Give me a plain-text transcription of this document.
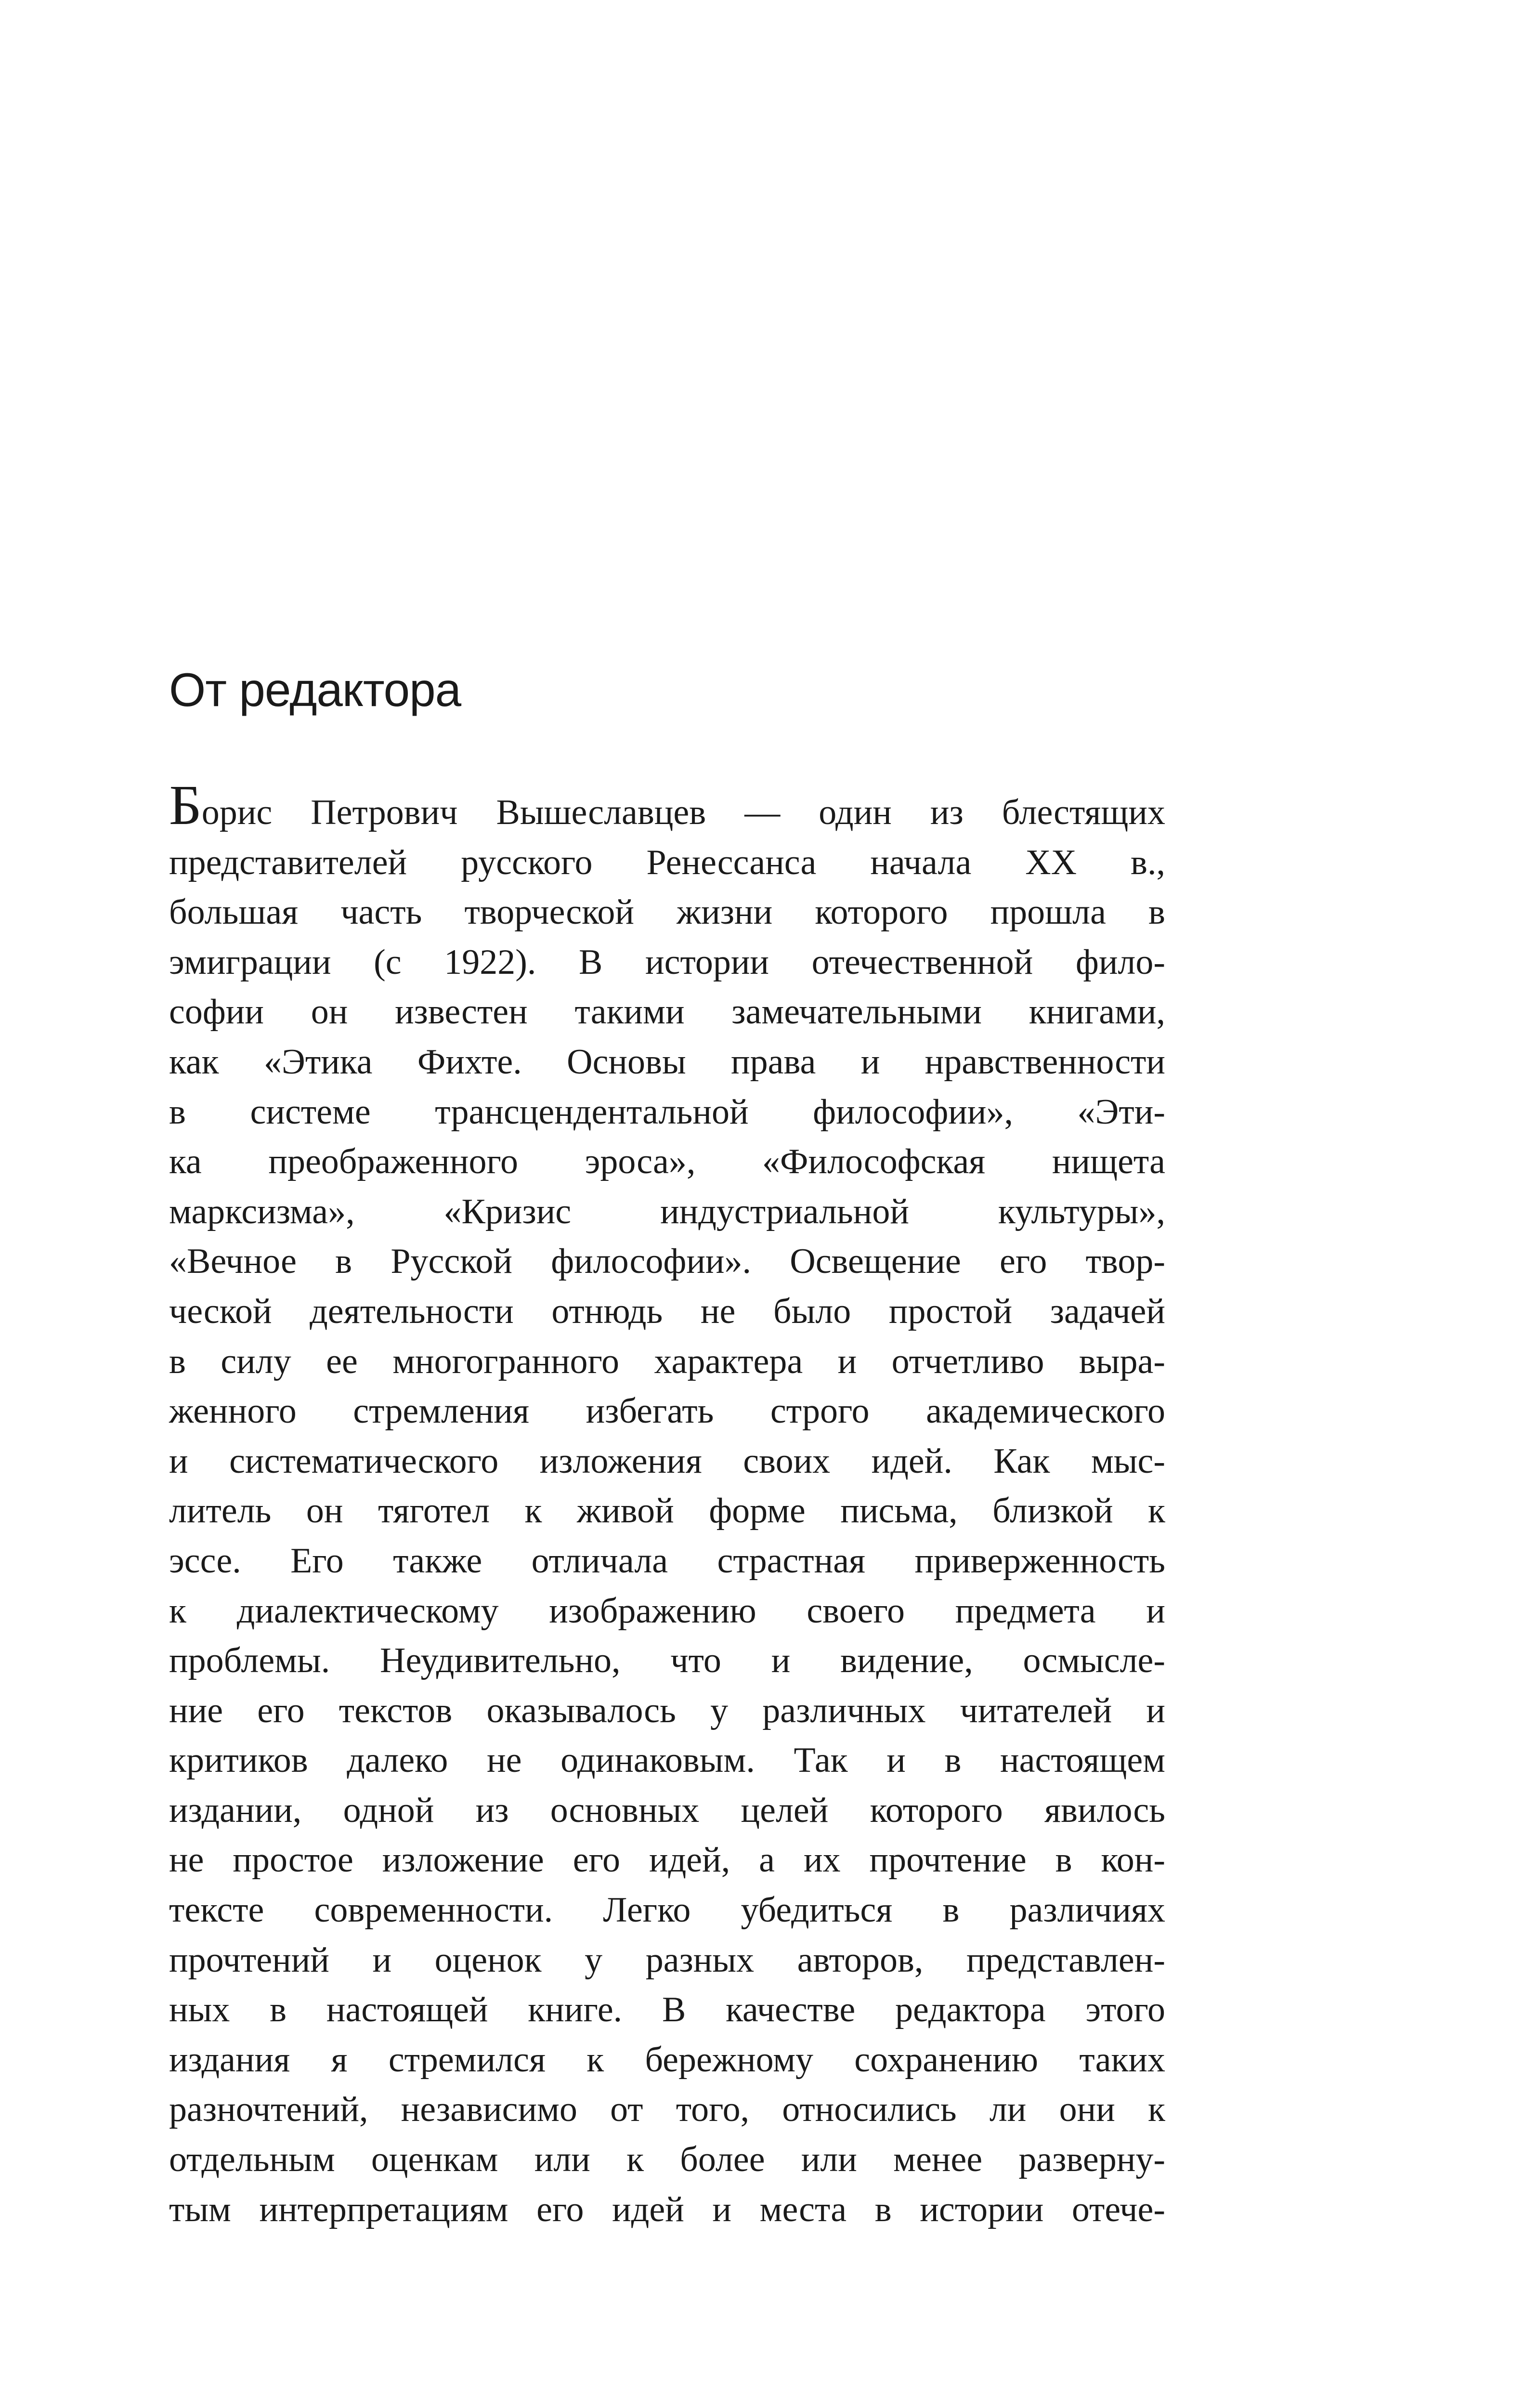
От редактора
Борис Петрович Вышеславцев — один из блестящих
представителей русского Ренессанса начала XX в.,
большая часть творческой жизни которого прошла в
эмиграции (с 1922). В истории отечественной фило-
софии он известен такими замечательными книгами,
как «Этика Фихте. Основы права и нравственности
в системе трансцендентальной философии», «Эти-
ка преображенного эроса», «Философская нищета
марксизма», «Кризис индустриальной культуры»,
«Вечное в Русской философии». Освещение его твор-
ческой деятельности отнюдь не было простой задачей
в силу ее многогранного характера и отчетливо выра-
женного стремления избегать строго академического
и систематического изложения своих идей. Как мыс-
литель он тяготел к живой форме письма, близкой к
эссе. Его также отличала страстная приверженность
к диалектическому изображению своего предмета и
проблемы. Неудивительно, что и видение, осмысле-
ние его текстов оказывалось у различных читателей и
критиков далеко не одинаковым. Так и в настоящем
издании, одной из основных целей которого явилось
не простое изложение его идей, а их прочтение в кон-
тексте современности. Легко убедиться в различиях
прочтений и оценок у разных авторов, представлен-
ных в настоящей книге. В качестве редактора этого
издания я стремился к бережному сохранению таких
разночтений, независимо от того, относились ли они к
отдельным оценкам или к более или менее разверну-
тым интерпретациям его идей и места в истории отече-
